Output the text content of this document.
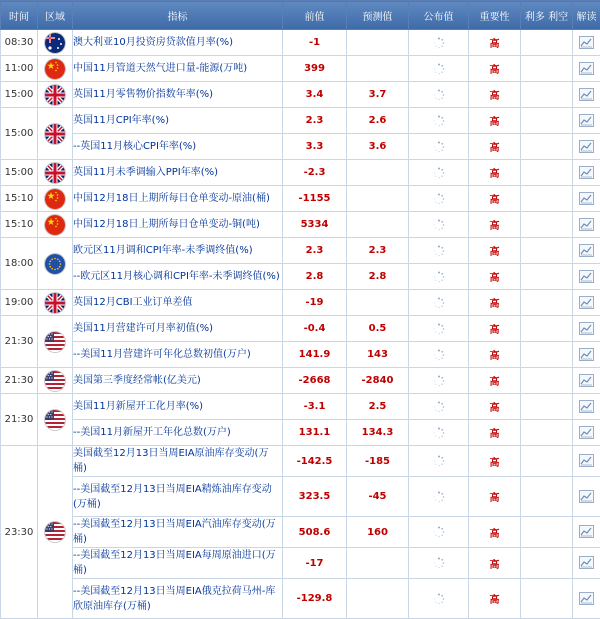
时间	区域	指标	前值	预测值	公布值	重要性	利多 利空	解读
08:30		澳大利亚10月投资房贷款值月率(%)	-1			高		
11:00		中国11月管道天然气进口量-能源(万吨)	399			高		
15:00		英国11月零售物价指数年率(%)	3.4	3.7		高		
15:00		英国11月CPI年率(%)	2.3	2.6		高		
		--英国11月核心CPI年率(%)	3.3	3.6		高		
15:00		英国11月未季调输入PPI年率(%)	-2.3			高		
15:10		中国12月18日上期所每日仓单变动-原油(桶)	-1155			高		
15:10		中国12月18日上期所每日仓单变动-铜(吨)	5334			高		
18:00		欧元区11月调和CPI年率-未季调终值(%)	2.3	2.3		高		
		--欧元区11月核心调和CPI年率-未季调终值(%)	2.8	2.8		高		
19:00		英国12月CBI工业订单差值	-19			高		
21:30		美国11月营建许可月率初值(%)	-0.4	0.5		高		
		--美国11月营建许可年化总数初值(万户)	141.9	143		高		
21:30		美国第三季度经常帐(亿美元)	-2668	-2840		高		
21:30		美国11月新屋开工化月率(%)	-3.1	2.5		高		
		--美国11月新屋开工年化总数(万户)	131.1	134.3		高		
23:30		美国截至12月13日当周EIA原油库存变动(万桶)	-142.5	-185		高		
		--美国截至12月13日当周EIA精炼油库存变动(万桶)	323.5	-45		高		
		--美国截至12月13日当周EIA汽油库存变动(万桶)	508.6	160		高		
		--美国截至12月13日当周EIA每周原油进口(万桶)	-17			高		
		--美国截至12月13日当周EIA俄克拉荷马州-库欣原油库存(万桶)	-129.8			高		
